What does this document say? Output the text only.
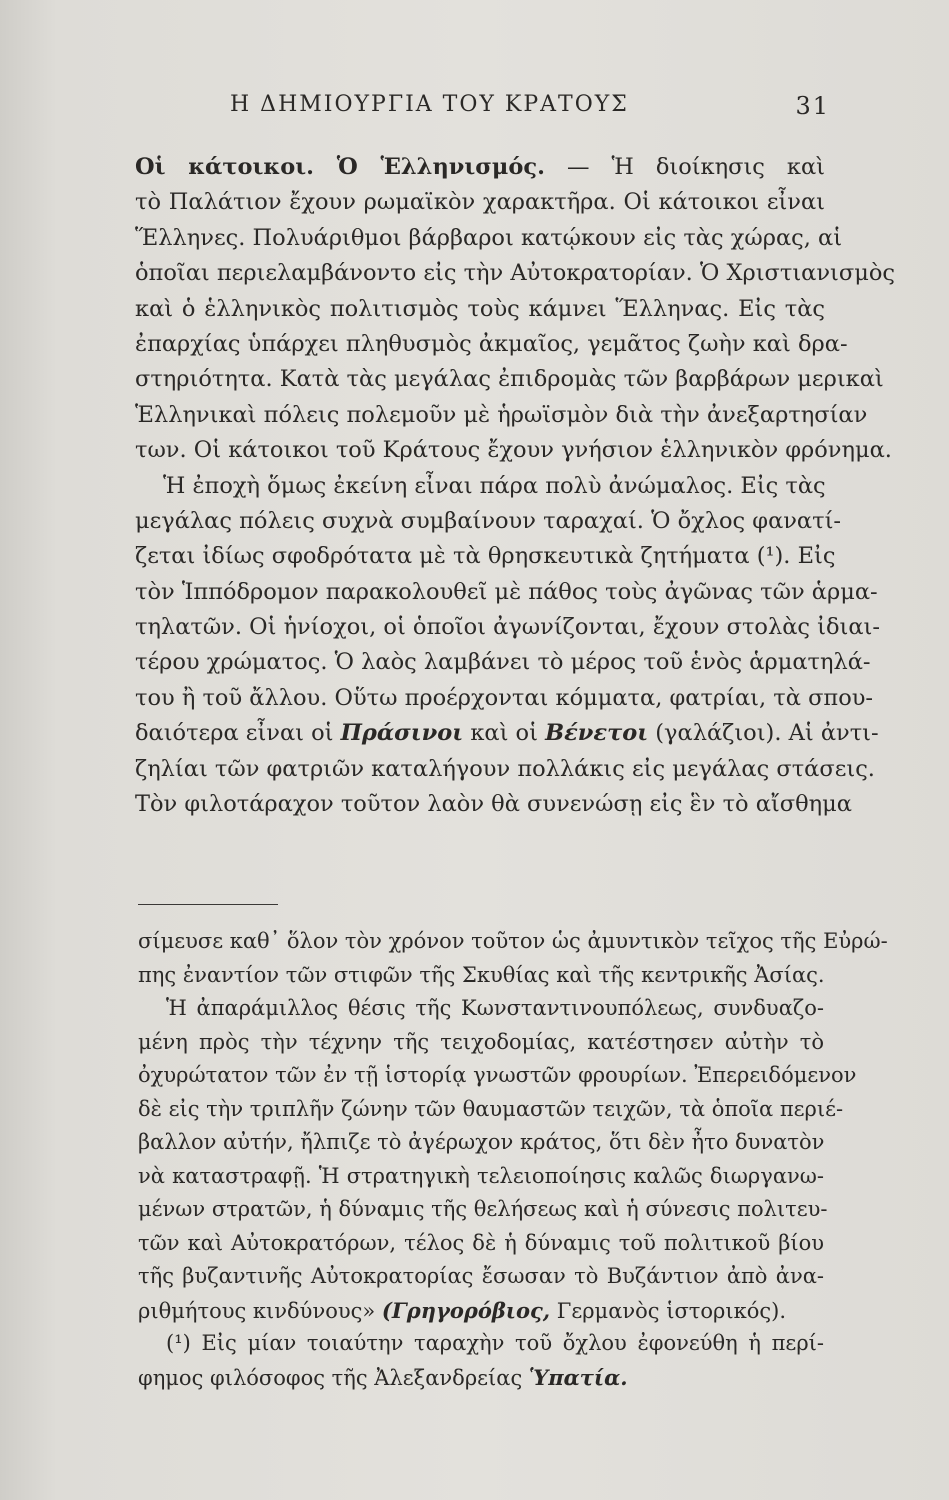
Η ΔΗΜΙΟΥΡΓΙΑ ΤΟΥ ΚΡΑΤΟΥΣ	31
Οἱ κάτοικοι. Ὁ Ἑλληνισμός. — Ἡ διοίκησις καὶ
τὸ Παλάτιον ἔχουν ρωμαϊκὸν χαρακτῆρα. Οἱ κάτοικοι εἶναι
Ἕλληνες. Πολυάριθμοι βάρβαροι κατῴκουν εἰς τὰς χώρας, αἱ
ὁποῖαι περιελαμβάνοντο εἰς τὴν Αὐτοκρατορίαν. Ὁ Χριστιανισμὸς
καὶ ὁ ἑλληνικὸς πολιτισμὸς τοὺς κάμνει Ἕλληνας. Εἰς τὰς
ἐπαρχίας ὑπάρχει πληθυσμὸς ἀκμαῖος, γεμᾶτος ζωὴν καὶ δρα-
στηριότητα. Κατὰ τὰς μεγάλας ἐπιδρομὰς τῶν βαρβάρων μερικαὶ
Ἑλληνικαὶ πόλεις πολεμοῦν μὲ ἡρωϊσμὸν διὰ τὴν ἀνεξαρτησίαν
των. Οἱ κάτοικοι τοῦ Κράτους ἔχουν γνήσιον ἑλληνικὸν φρόνημα.
Ἡ ἐποχὴ ὅμως ἐκείνη εἶναι πάρα πολὺ ἀνώμαλος. Εἰς τὰς
μεγάλας πόλεις συχνὰ συμβαίνουν ταραχαί. Ὁ ὄχλος φανατί-
ζεται ἰδίως σφοδρότατα μὲ τὰ θρησκευτικὰ ζητήματα (¹). Εἰς
τὸν Ἱππόδρομον παρακολουθεῖ μὲ πάθος τοὺς ἀγῶνας τῶν ἁρμα-
τηλατῶν. Οἱ ἡνίοχοι, οἱ ὁποῖοι ἀγωνίζονται, ἔχουν στολὰς ἰδιαι-
τέρου χρώματος. Ὁ λαὸς λαμβάνει τὸ μέρος τοῦ ἑνὸς ἁρματηλά-
του ἢ τοῦ ἄλλου. Οὕτω προέρχονται κόμματα, φατρίαι, τὰ σπου-
δαιότερα εἶναι οἱ Πράσινοι καὶ οἱ Βένετοι (γαλάζιοι). Αἱ ἀντι-
ζηλίαι τῶν φατριῶν καταλήγουν πολλάκις εἰς μεγάλας στάσεις.
Τὸν φιλοτάραχον τοῦτον λαὸν θὰ συνενώσῃ εἰς ἓν τὸ αἴσθημα
σίμευσε καθ᾽ ὅλον τὸν χρόνον τοῦτον ὡς ἀμυντικὸν τεῖχος τῆς Εὐρώ-
πης ἐναντίον τῶν στιφῶν τῆς Σκυθίας καὶ τῆς κεντρικῆς Ἀσίας.
Ἡ ἀπαράμιλλος θέσις τῆς Κωνσταντινουπόλεως, συνδυαζο-
μένη πρὸς τὴν τέχνην τῆς τειχοδομίας, κατέστησεν αὐτὴν τὸ
ὀχυρώτατον τῶν ἐν τῇ ἱστορίᾳ γνωστῶν φρουρίων. Ἐπερειδόμενον
δὲ εἰς τὴν τριπλῆν ζώνην τῶν θαυμαστῶν τειχῶν, τὰ ὁποῖα περιέ-
βαλλον αὐτήν, ἤλπιζε τὸ ἀγέρωχον κράτος, ὅτι δὲν ἦτο δυνατὸν
νὰ καταστραφῇ. Ἡ στρατηγικὴ τελειοποίησις καλῶς διωργανω-
μένων στρατῶν, ἡ δύναμις τῆς θελήσεως καὶ ἡ σύνεσις πολιτευ-
τῶν καὶ Αὐτοκρατόρων, τέλος δὲ ἡ δύναμις τοῦ πολιτικοῦ βίου
τῆς βυζαντινῆς Αὐτοκρατορίας ἔσωσαν τὸ Βυζάντιον ἀπὸ ἀνα-
ριθμήτους κινδύνους» (Γρηγορόβιος, Γερμανὸς ἱστορικός).
(¹) Εἰς μίαν τοιαύτην ταραχὴν τοῦ ὄχλου ἐφονεύθη ἡ περί-
φημος φιλόσοφος τῆς Ἀλεξανδρείας Ὑπατία.
